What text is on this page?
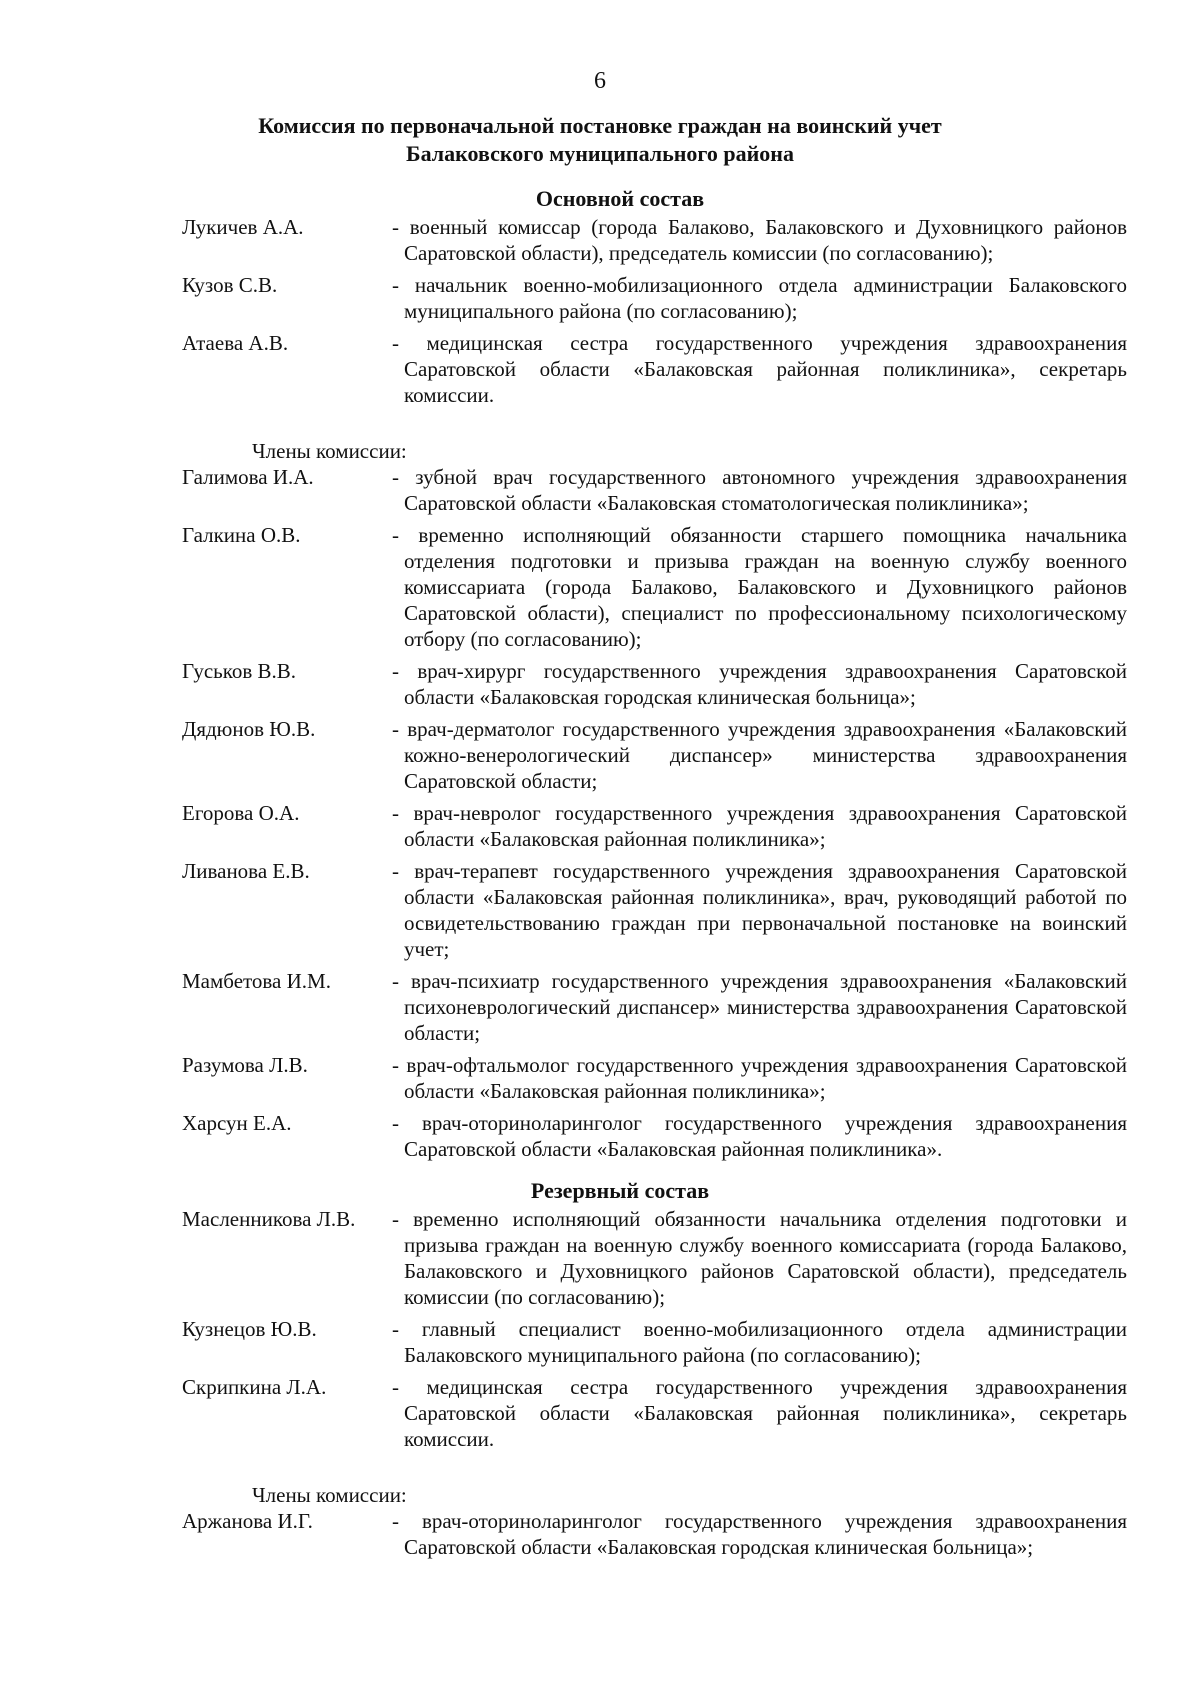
6
Комиссия по первоначальной постановке граждан на воинский учет
Балаковского муниципального района
Основной состав
Лукичев А.А.	- военный комиссар (города Балаково, Балаковского и Духовницкого районов Саратовской области), председатель комиссии (по согласованию);
Кузов С.В.	- начальник военно-мобилизационного отдела администрации Балаковского муниципального района (по согласованию);
Атаева А.В.	- медицинская сестра государственного учреждения здравоохранения Саратовской области «Балаковская районная поликлиника», секретарь комиссии.
Члены комиссии:
Галимова И.А.	- зубной врач государственного автономного учреждения здравоохранения Саратовской области «Балаковская стоматологическая поликлиника»;
Галкина О.В.	- временно исполняющий обязанности старшего помощника начальника отделения подготовки и призыва граждан на военную службу военного комиссариата (города Балаково, Балаковского и Духовницкого районов Саратовской области), специалист по профессиональному психологическому отбору (по согласованию);
Гуськов В.В.	- врач-хирург государственного учреждения здравоохранения Саратовской области «Балаковская городская клиническая больница»;
Дядюнов Ю.В.	- врач-дерматолог государственного учреждения здравоохранения «Балаковский кожно-венерологический диспансер» министерства здравоохранения Саратовской области;
Егорова О.А.	- врач-невролог государственного учреждения здравоохранения Саратовской области «Балаковская районная поликлиника»;
Ливанова Е.В.	- врач-терапевт государственного учреждения здравоохранения Саратовской области «Балаковская районная поликлиника», врач, руководящий работой по освидетельствованию граждан при первоначальной постановке на воинский учет;
Мамбетова И.М.	- врач-психиатр государственного учреждения здравоохранения «Балаковский психоневрологический диспансер» министерства здравоохранения Саратовской области;
Разумова Л.В.	- врач-офтальмолог государственного учреждения здравоохранения Саратовской области «Балаковская районная поликлиника»;
Харсун Е.А.	- врач-оториноларинголог государственного учреждения здравоохранения Саратовской области «Балаковская районная поликлиника».
Резервный состав
Масленникова Л.В.	- временно исполняющий обязанности начальника отделения подготовки и призыва граждан на военную службу военного комиссариата (города Балаково, Балаковского и Духовницкого районов Саратовской области), председатель комиссии (по согласованию);
Кузнецов Ю.В.	- главный специалист военно-мобилизационного отдела администрации Балаковского муниципального района (по согласованию);
Скрипкина Л.А.	- медицинская сестра государственного учреждения здравоохранения Саратовской области «Балаковская районная поликлиника», секретарь комиссии.
Члены комиссии:
Аржанова И.Г.	- врач-оториноларинголог государственного учреждения здравоохранения Саратовской области «Балаковская городская клиническая больница»;
